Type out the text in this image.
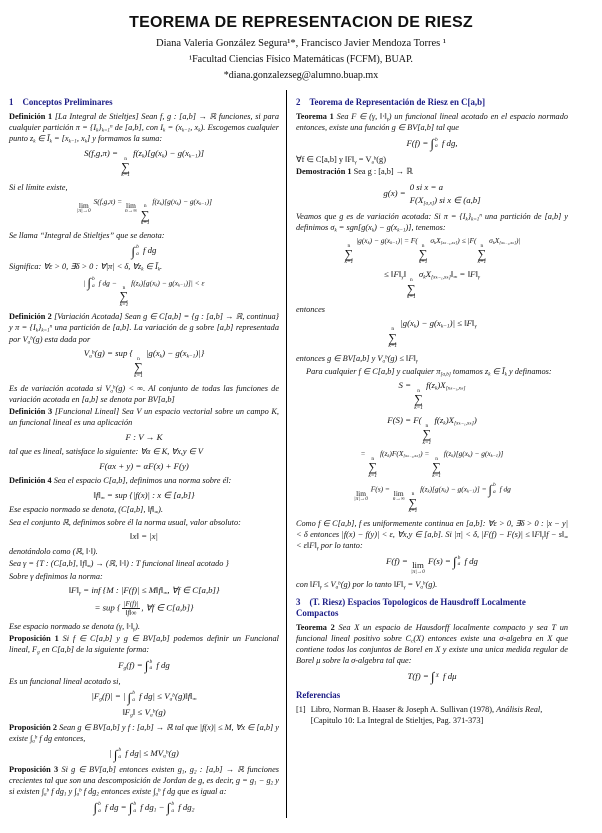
TEOREMA DE REPRESENTACION DE RIESZ
Diana Valeria González Segura¹*, Francisco Javier Mendoza Torres ¹
¹Facultad Ciencias Físico Matemáticas (FCFM), BUAP.
*diana.gonzalezseg@alumno.buap.mx
1 Conceptos Preliminares

Definición 1 [La Integral de Stieltjes] Sean f, g : [a,b] → ℝ funciones, si para cualquier partición $\pi = \{I_k\}_{k=1}^n$ de [a,b], con $I_k = (x_{k-1}$, $x_k$). Escogemos cualquier punto $z_k$ ∈ $Ī_k = [x_{k-1}$, $x_k$] y formamos la suma:

S(f,g,π) =
n
∑
k=1
$f(z_k)[g(x_k) - g(x_{k-1})]$

Si el límite existe,

lim
|π|→0
S(f,g,π) = lim
n→∞

n
∑
k=1
$f(z_k)[g(x_k) - g(x_{k-1})]$

Se llama “Integral de Stieltjes” que se denota:

∫ b
a f dg

Significa: ∀ε > 0, ∃δ > 0 : ∀|π| < δ, $\forall z_k$ ∈ $Ī_k$.

| ∫ b
a f dg −
n
∑
k=1
$f(z_k)[g(x_k) - g(x_{k-1})]| < \varepsilon$

Definición 2 [Variación Acotada] Sean g ∈ C[a,b] = {g : [a,b] → ℝ, continua} y $\pi = \{I_k\}_{k=1}^n$ una partición de [a,b]. La variación de g sobre [a,b] representada por $V_a^b(g)$ esta dada por

$V_a^b(g)$ = sup {
n
∑
k=1
$|g(x_k) - g(x_{k-1})|$}

Es de variación acotada si $V_a^b(g)$ < ∞. Al conjunto de todas las funciones de variación acotada en [a,b] se denota por BV[a,b]

Definición 3 [Funcional Lineal] Sea V un espacio vectorial sobre un campo K, un funcional lineal es una aplicación

F : V → K

tal que es lineal, satisface lo siguiente: ∀α ∈ K, ∀x,y ∈ V

F(αx + y) = αF(x) + F(y)

Definición 4 Sea el espacio C[a,b], definimos una norma sobre él:

$‖f‖_\infty$ = sup {|f(x)| : x ∈ [a,b]}

Ese espacio normado se denota, (C[a,b], $‖f‖_\infty$).

Sea el conjunto ℝ, definimos sobre él la norma usual, valor absoluto:

‖x‖ = |x|

denotándolo como (ℝ, ‖·‖).

Sea γ = {T : (C[a,b], $‖f‖_\infty$) → (ℝ, ‖·‖) : T funcional lineal acotado }

Sobre γ definimos la norma:

$‖F‖_\gamma$ = inf {M : $|F(f)| \le M‖f‖_\infty$, ∀f ∈ C[a,b]}
= sup { $\frac{|F(f)|}{‖f‖\infty}$ , ∀f ∈ C[a,b]}

Ese espacio normado se denota (γ, $‖\cdot‖_\gamma$).

Proposición 1 Si f ∈ C[a,b] y g ∈ BV[a,b] podemos definir un Funcional lineal, $F_g$ en C[a,b] de la siguiente forma:

$F_g(f)$ = ∫ b
a f dg

Es un funcional lineal acotado si,

$|F_g(f)|$ = | ∫ b
a f $dg| \le V_a^b(g)‖f‖_\infty$
$‖F_g‖ \le V_a^b(g)$

Proposición 2 Sean g ∈ BV[a,b] y f : [a,b] → ℝ tal que |f(x)| ≤ M, ∀x ∈ [a,b] y existe $\int_a^b$ f dg entonces,

| ∫ b
a f $dg| \le MV_a^b(g)$

Proposición 3 Si g ∈ BV[a,b] entonces existen $g_1$, $g_2$ : [a,b] → ℝ funciones crecientes tal que son una descomposición de Jordan de g, es decir, $g = g_1 - g_2$ y si existen $\int_a^b$ f $dg_1$ y $\int_a^b$ f $dg_2$ entonces existe $\int_a^b$ f dg que es igual a:

∫ b
a f dg = ∫ b
a f $dg_1$ − ∫ b
a f $dg_2$
2 Teorema de Representación de Riesz en C[a,b]

Teorema 1 Sea F ∈ (γ, $‖\cdot‖_\gamma$) un funcional lineal acotado en el espacio normado entonces, existe una función g ∈ BV[a,b] tal que

F(f) = ∫ b
a f dg,

∀f ∈ C[a,b] y $‖F‖_\gamma = V_a^b(g)$

Demostración 1 Sea g : [a,b] → ℝ

g(x) =
0 si x = a
$F(X_{[a,x]})$ si x ∈ (a,b]

Veamos que g es de variación acotada: Si $\pi = \{I_k\}_{k=1}^n$ una partición de [a,b] y definimos $\sigma_k = sgn[g(x_k) - g(x_{k-1})]$, tenemos:

n
∑
k=1
$|g(x_k) - g(x_{k-1})| = F$(
n
∑
k=1
$\sigma_kX_{[x_{k-1},x_k]}) \le |F$(
n
∑
k=1
$\sigma_kX_{[x_{k-1},x_k]})|$
≤ $‖F‖_\gamma‖$
n
∑
k=1
$\sigma_kX_{[x_{k-1},x_k]}‖_\infty$ = $‖F‖_\gamma$

entonces

n
∑
k=1
$|g(x_k) - g(x_{k-1})|$ ≤ $‖F‖_\gamma$

entonces g ∈ BV[a,b] y $V_a^b(g)$ ≤ $‖F‖_\gamma$

Para cualquier f ∈ C[a,b] y cualquier $\pi_{[a,b]}$ tomamos $z_k$ ∈ $Ī_k$ y definamos:

S =
n
∑
k=1
$f(z_k)X_{[x_{k-1},x_k]}$
F(S) = F(
n
∑
k=1
$f(z_k)X_{[x_{k-1},x_k]}$)
=
n
∑
k=1
$f(z_k)F(X_{[x_{k-1},x_k]})$ =
n
∑
k=1
$f(z_k)[g(x_k) - g(x_{k-1})]$
lim
|π|→0
F(s) = lim
n→∞

n
∑
k=1
$f(z_k)[g(x_k) - g(x_{k-1})]$ = ∫ b
a f dg

Como f ∈ C[a,b], f es uniformemente continua en [a,b]: ∀ε > 0, ∃δ > 0 : |x − y| < δ entonces |f(x) − f(y)| < ε, ∀x,y ∈ [a,b]. Si |π| < δ, $|F(f) - F(s)| \le ‖F‖_\gamma‖f$ − $s‖_\infty$ < $\varepsilon‖F‖_\gamma$ por lo tanto:

F(f) = lim
|π|→0
F(s) = ∫ b
a f dg

con $‖F‖_\gamma \le V_a^b(g)$ por lo tanto $‖F‖_\gamma = V_a^b(g)$.

3 (T. Riesz) Espacios Topologicos de Hausdroff Localmente Compactos

Teorema 2 Sea X un espacio de Hausdorff localmente compacto y sea T un funcional lineal positivo sobre $C_c(X)$ entonces existe una σ-algebra en X que contiene todos los conjuntos de Borel en X y existe una unica medida regular de Borel μ sobre la σ-algebra tal que:

T(f) = ∫ X f dμ
Referencias
[1] Libro, Norman B. Haaser & Joseph A. Sullivan (1978), Análisis Real, [Capitulo 10: La Integral de Stieltjes, Pag. 371-373]
